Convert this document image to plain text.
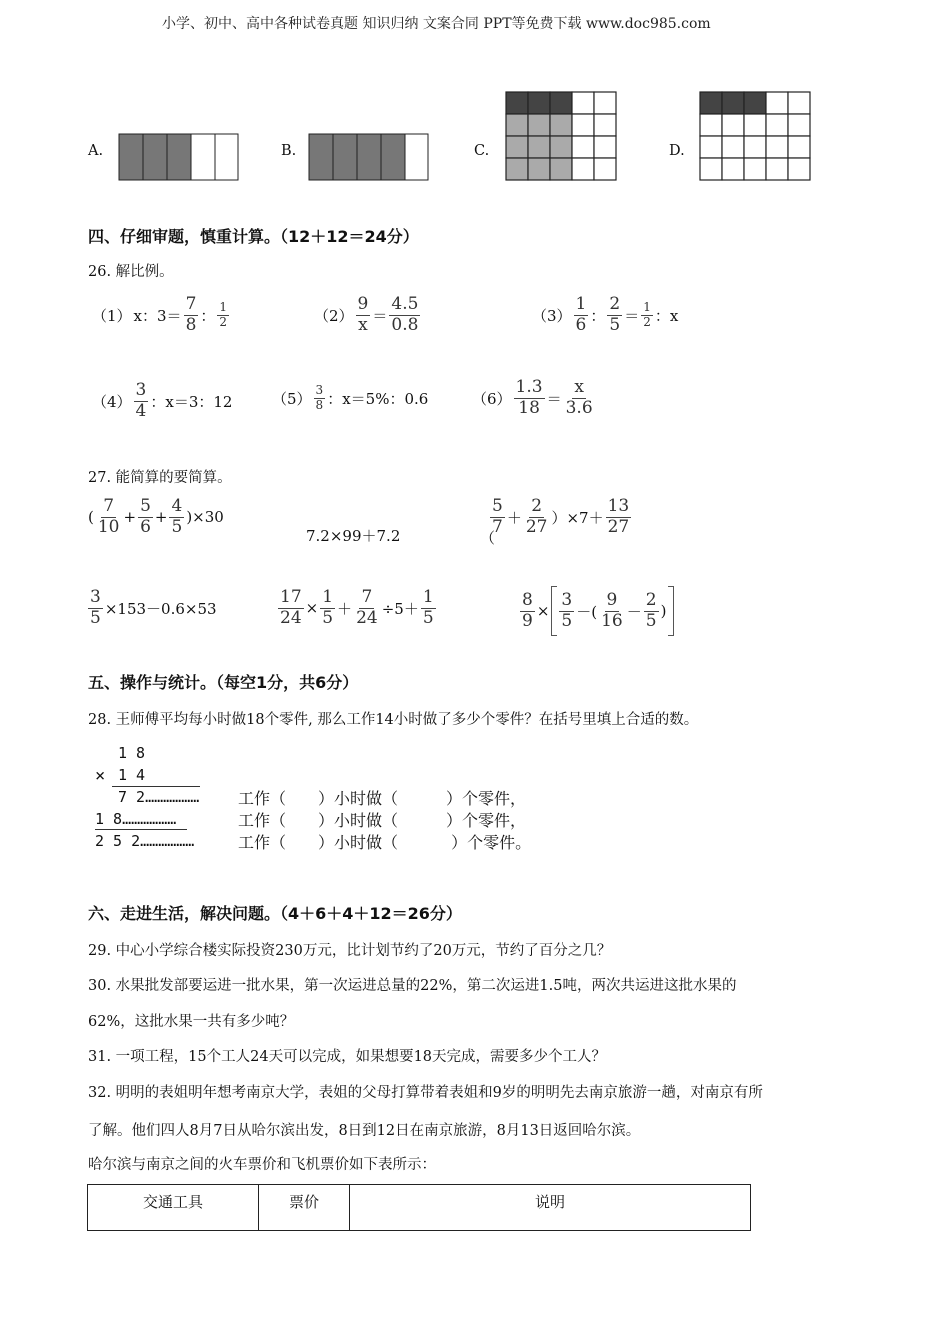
小学、初中、高中各种试卷真题 知识归纳 文案合同 PPT等免费下载 www.doc985.com
A.	B.	C.	D.
四、仔细审题，慎重计算。（12＋12＝24分）
26. 解比例。
（1） x：$3= \frac{7}{8}$ ： $\frac{1}{2}$	$(2) \frac{9}{x} = \frac{4.5}{0.8}$	$(3) \frac{1}{6}$ ： $\frac{2}{5} = \frac{1}{2}$ ：x
$(4) \frac{3}{4}$ ：x＝3：12	$(5) \frac{3}{8}$ ：x＝5%：0.6	$(6) \frac{1.3}{18} = \frac{x}{3.6}$
27. 能简算的要简算。
( $\frac{7}{10} + \frac{5}{6} + \frac{4}{5} )\times 30$
7.2×99＋7.2	$\frac{5}{7} + \frac{2}{27} )\times 7+ \frac{13}{27}$
（
$\frac{3}{5} \times 153-0.6\times 53$	$\frac{17}{24} \times \frac{1}{5} + \frac{7}{24} \div 5+ \frac{1}{5}$	$\frac{8}{9} \times \frac{3}{5}$ －( $\frac{9}{16} - \frac{2}{5}$ )
五、操作与统计。（每空1分，共6分）
28. 王师傅平均每小时做18个零件, 那么工作14小时做了多少个零件？在括号里填上合适的数。
1 8
× 1 4
7 2………………
1 8………………
2 5 2………………
工作（　　）小时做（　　　）个零件，
工作（　　）小时做（　　　）个零件，
工作（　　）小时做（　　　 ）个零件。
六、走进生活，解决问题。（4＋6＋4＋12＝26分）
29. 中心小学综合楼实际投资230万元，比计划节约了20万元，节约了百分之几？
30. 水果批发部要运进一批水果，第一次运进总量的22%，第二次运进1.5吨，两次共运进这批水果的
62%，这批水果一共有多少吨？
31. 一项工程，15个工人24天可以完成，如果想要18天完成，需要多少个工人？
32. 明明的表姐明年想考南京大学，表姐的父母打算带着表姐和9岁的明明先去南京旅游一趟，对南京有所
了解。他们四人8月7日从哈尔滨出发，8日到12日在南京旅游，8月13日返回哈尔滨。
哈尔滨与南京之间的火车票价和飞机票价如下表所示：
交通工具	票价	说明
